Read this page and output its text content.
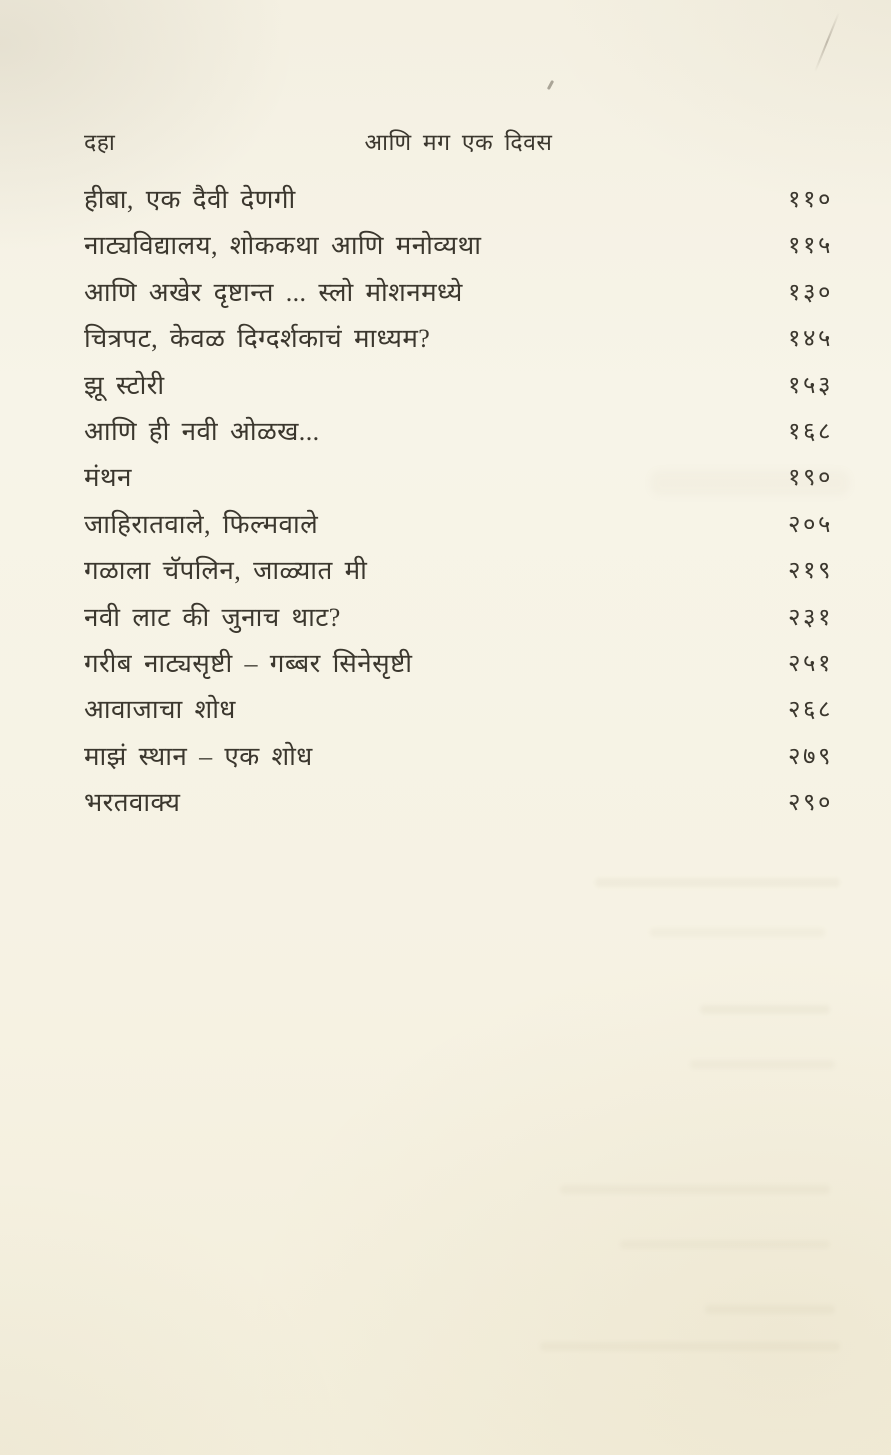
दहा	आणि मग एक दिवस
हीबा, एक दैवी देणगी	११०
नाट्यविद्यालय, शोककथा आणि मनोव्यथा	११५
आणि अखेर दृष्टान्त ... स्लो मोशनमध्ये	१३०
चित्रपट, केवळ दिग्दर्शकाचं माध्यम?	१४५
झू स्टोरी	१५३
आणि ही नवी ओळख...	१६८
मंथन	१९०
जाहिरातवाले, फिल्मवाले	२०५
गळाला चॅपलिन, जाळ्यात मी	२१९
नवी लाट की जुनाच थाट?	२३१
गरीब नाट्यसृष्टी – गब्बर सिनेसृष्टी	२५१
आवाजाचा शोध	२६८
माझं स्थान – एक शोध	२७९
भरतवाक्य	२९०
